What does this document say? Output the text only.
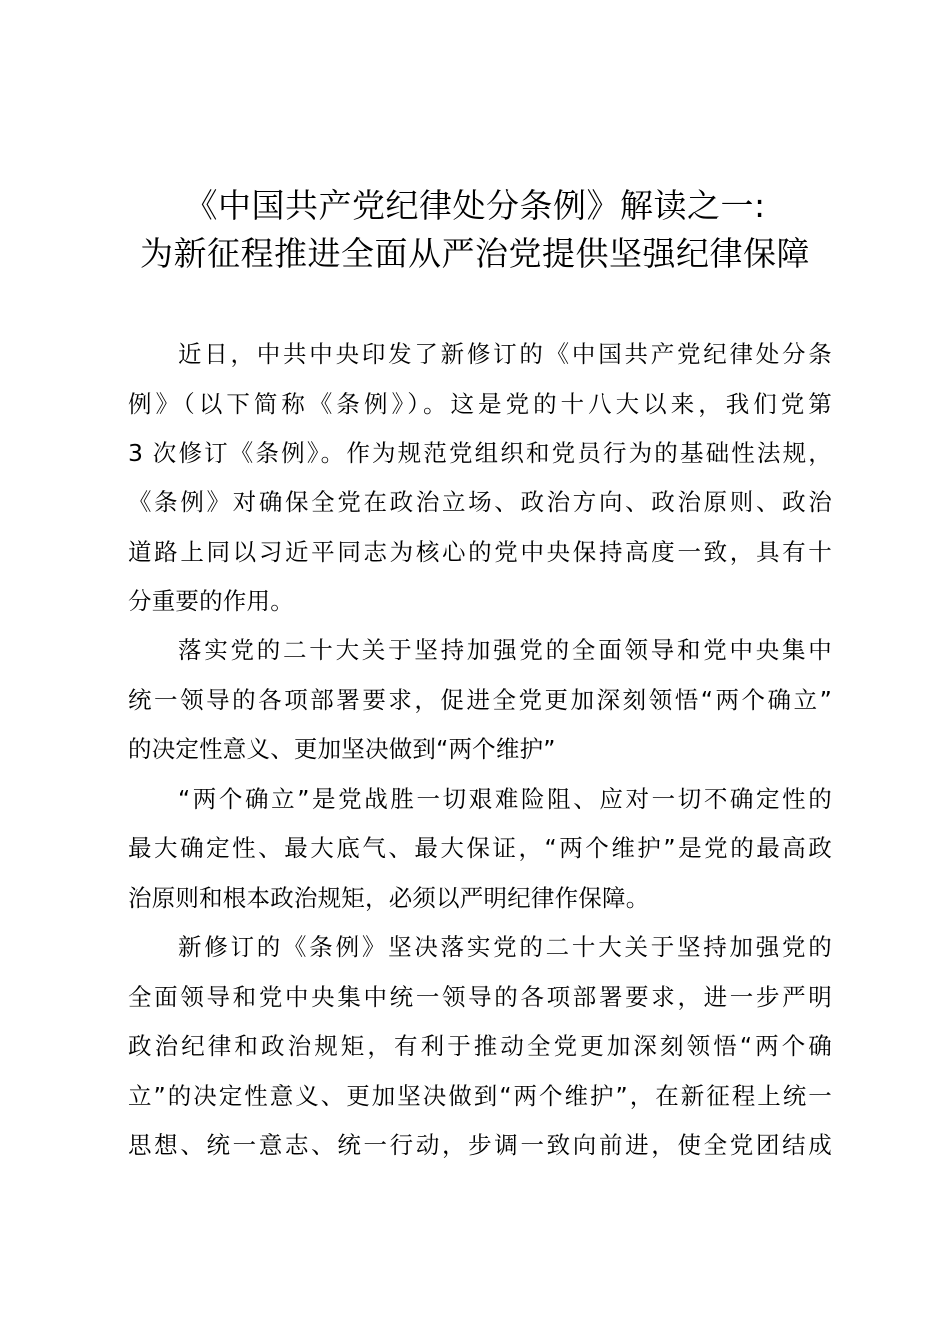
《中国共产党纪律处分条例》解读之一:
为新征程推进全面从严治党提供坚强纪律保障
近日，中共中央印发了新修订的《中国共产党纪律处分条
例》（以下简称《条例》）。这是党的十八大以来，我们党第
3 次修订《条例》。作为规范党组织和党员行为的基础性法规，
《条例》对确保全党在政治立场、政治方向、政治原则、政治
道路上同以习近平同志为核心的党中央保持高度一致，具有十
分重要的作用。
落实党的二十大关于坚持加强党的全面领导和党中央集中
统一领导的各项部署要求，促进全党更加深刻领悟“两个确立”
的决定性意义、更加坚决做到“两个维护”
“两个确立”是党战胜一切艰难险阻、应对一切不确定性的
最大确定性、最大底气、最大保证，“两个维护”是党的最高政
治原则和根本政治规矩，必须以严明纪律作保障。
新修订的《条例》坚决落实党的二十大关于坚持加强党的
全面领导和党中央集中统一领导的各项部署要求，进一步严明
政治纪律和政治规矩，有利于推动全党更加深刻领悟“两个确
立”的决定性意义、更加坚决做到“两个维护”，在新征程上统一
思想、统一意志、统一行动，步调一致向前进，使全党团结成
